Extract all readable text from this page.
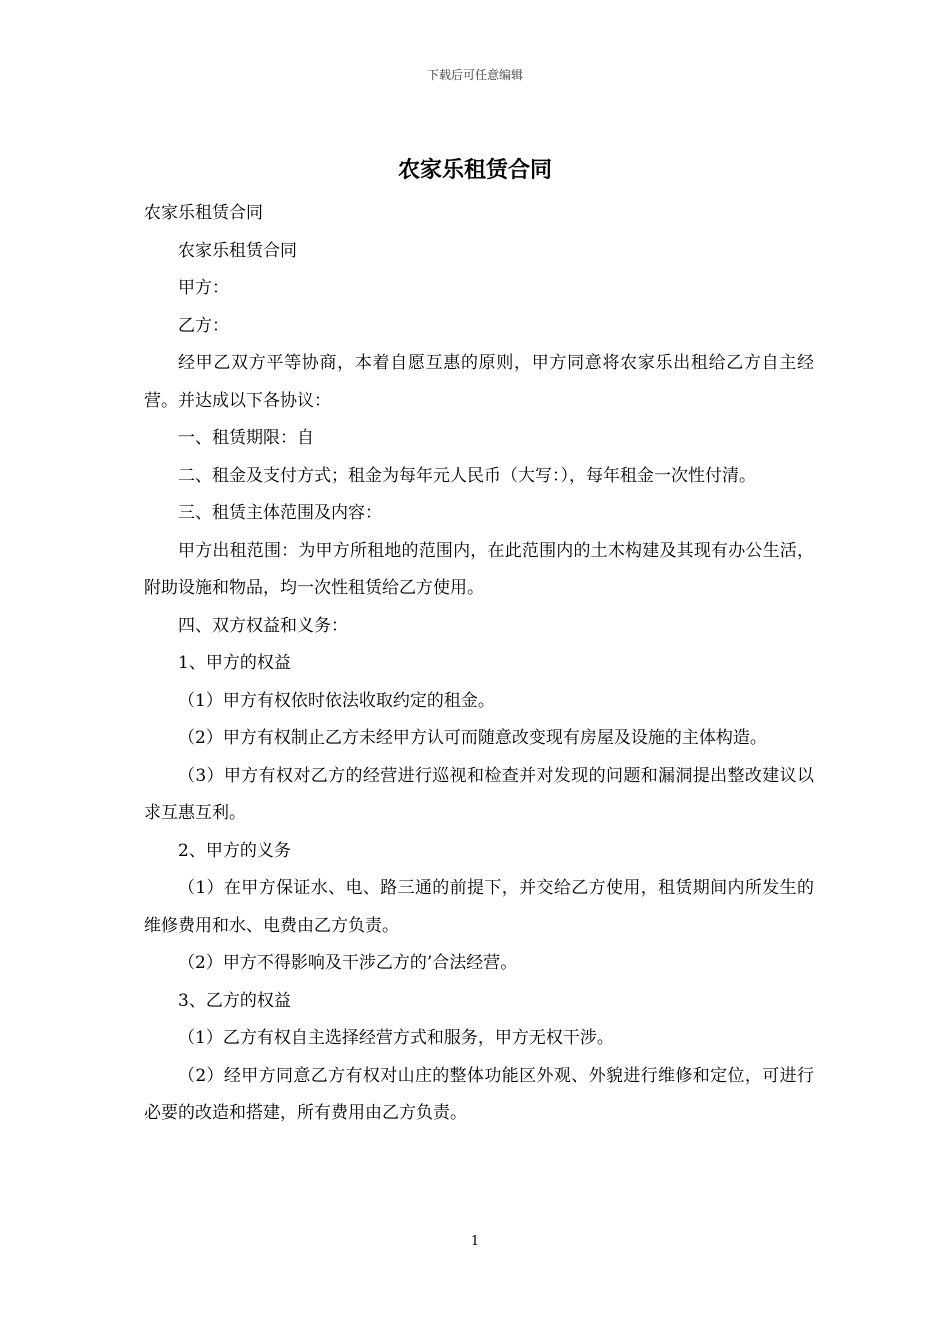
下载后可任意编辑
农家乐租赁合同

农家乐租赁合同

农家乐租赁合同

甲方：

乙方：

经甲乙双方平等协商，本着自愿互惠的原则，甲方同意将农家乐出租给乙方自主经营。并达成以下各协议：

一、租赁期限：自

二、租金及支付方式；租金为每年元人民币（大写：），每年租金一次性付清。

三、租赁主体范围及内容：

甲方出租范围：为甲方所租地的范围内，在此范围内的土木构建及其现有办公生活，附助设施和物品，均一次性租赁给乙方使用。

四、双方权益和义务：

1、甲方的权益

（1）甲方有权依时依法收取约定的租金。

（2）甲方有权制止乙方未经甲方认可而随意改变现有房屋及设施的主体构造。

（3）甲方有权对乙方的经营进行巡视和检查并对发现的问题和漏洞提出整改建议以求互惠互利。

2、甲方的义务

（1）在甲方保证水、电、路三通的前提下，并交给乙方使用，租赁期间内所发生的维修费用和水、电费由乙方负责。

（2）甲方不得影响及干涉乙方的’合法经营。

3、乙方的权益

（1）乙方有权自主选择经营方式和服务，甲方无权干涉。

（2）经甲方同意乙方有权对山庄的整体功能区外观、外貌进行维修和定位，可进行必要的改造和搭建，所有费用由乙方负责。

1
